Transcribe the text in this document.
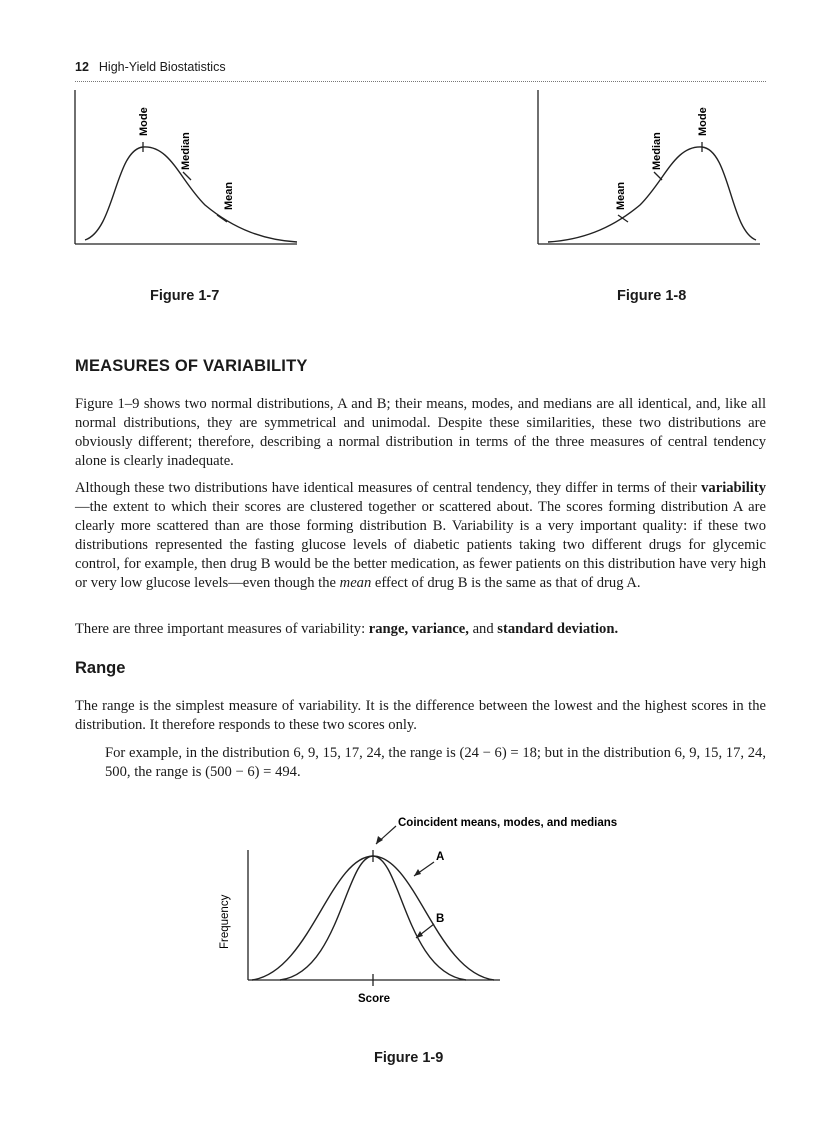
12 High-Yield Biostatistics
Mode
Median
Mean
Figure 1-7
Mode
Median
Mean
Figure 1-8
MEASURES OF VARIABILITY

Figure 1–9 shows two normal distributions, A and B; their means, modes, and medians are all identical, and, like all normal distributions, they are symmetrical and unimodal. Despite these similarities, these two distributions are obviously different; therefore, describing a normal distribution in terms of the three measures of central tendency alone is clearly inadequate.

Although these two distributions have identical measures of central tendency, they differ in terms of their variability—the extent to which their scores are clustered together or scattered about. The scores forming distribution A are clearly more scattered than are those forming distribution B. Variability is a very important quality: if these two distributions represented the fasting glucose levels of diabetic patients taking two different drugs for glycemic control, for example, then drug B would be the better medication, as fewer patients on this distribution have very high or very low glucose levels—even though the mean effect of drug B is the same as that of drug A.

There are three important measures of variability: range, variance, and standard deviation.

Range

The range is the simplest measure of variability. It is the difference between the lowest and the highest scores in the distribution. It therefore responds to these two scores only.

For example, in the distribution 6, 9, 15, 17, 24, the range is (24 − 6) = 18; but in the distribution 6, 9, 15, 17, 24, 500, the range is (500 − 6) = 494.

Coincident means, modes, and medians
A
B
Frequency
Score
Figure 1-9
